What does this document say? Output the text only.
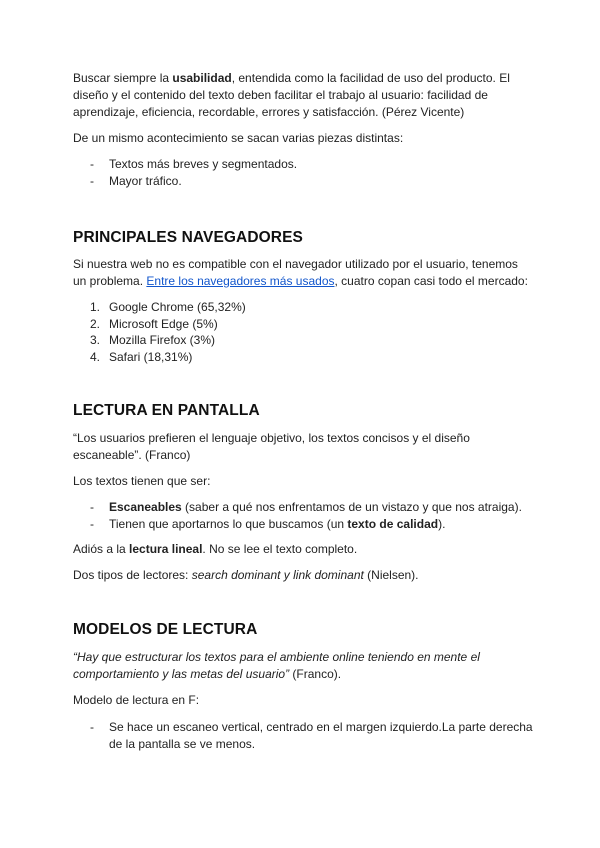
Buscar siempre la usabilidad, entendida como la facilidad de uso del producto. El diseño y el contenido del texto deben facilitar el trabajo al usuario: facilidad de aprendizaje, eficiencia, recordable, errores y satisfacción. (Pérez Vicente)

De un mismo acontecimiento se sacan varias piezas distintas:

- Textos más breves y segmentados.
- Mayor tráfico.
PRINCIPALES NAVEGADORES

Si nuestra web no es compatible con el navegador utilizado por el usuario, tenemos un problema. Entre los navegadores más usados, cuatro copan casi todo el mercado:

1. Google Chrome (65,32%)
2. Microsoft Edge (5%)
3. Mozilla Firefox (3%)
4. Safari (18,31%)
LECTURA EN PANTALLA

“Los usuarios prefieren el lenguaje objetivo, los textos concisos y el diseño escaneable”. (Franco)

Los textos tienen que ser:

- Escaneables (saber a qué nos enfrentamos de un vistazo y que nos atraiga).
- Tienen que aportarnos lo que buscamos (un texto de calidad).

Adiós a la lectura lineal. No se lee el texto completo.

Dos tipos de lectores: search dominant y link dominant (Nielsen).

MODELOS DE LECTURA

“Hay que estructurar los textos para el ambiente online teniendo en mente el comportamiento y las metas del usuario” (Franco).

Modelo de lectura en F:

- Se hace un escaneo vertical, centrado en el margen izquierdo.La parte derecha de la pantalla se ve menos.
